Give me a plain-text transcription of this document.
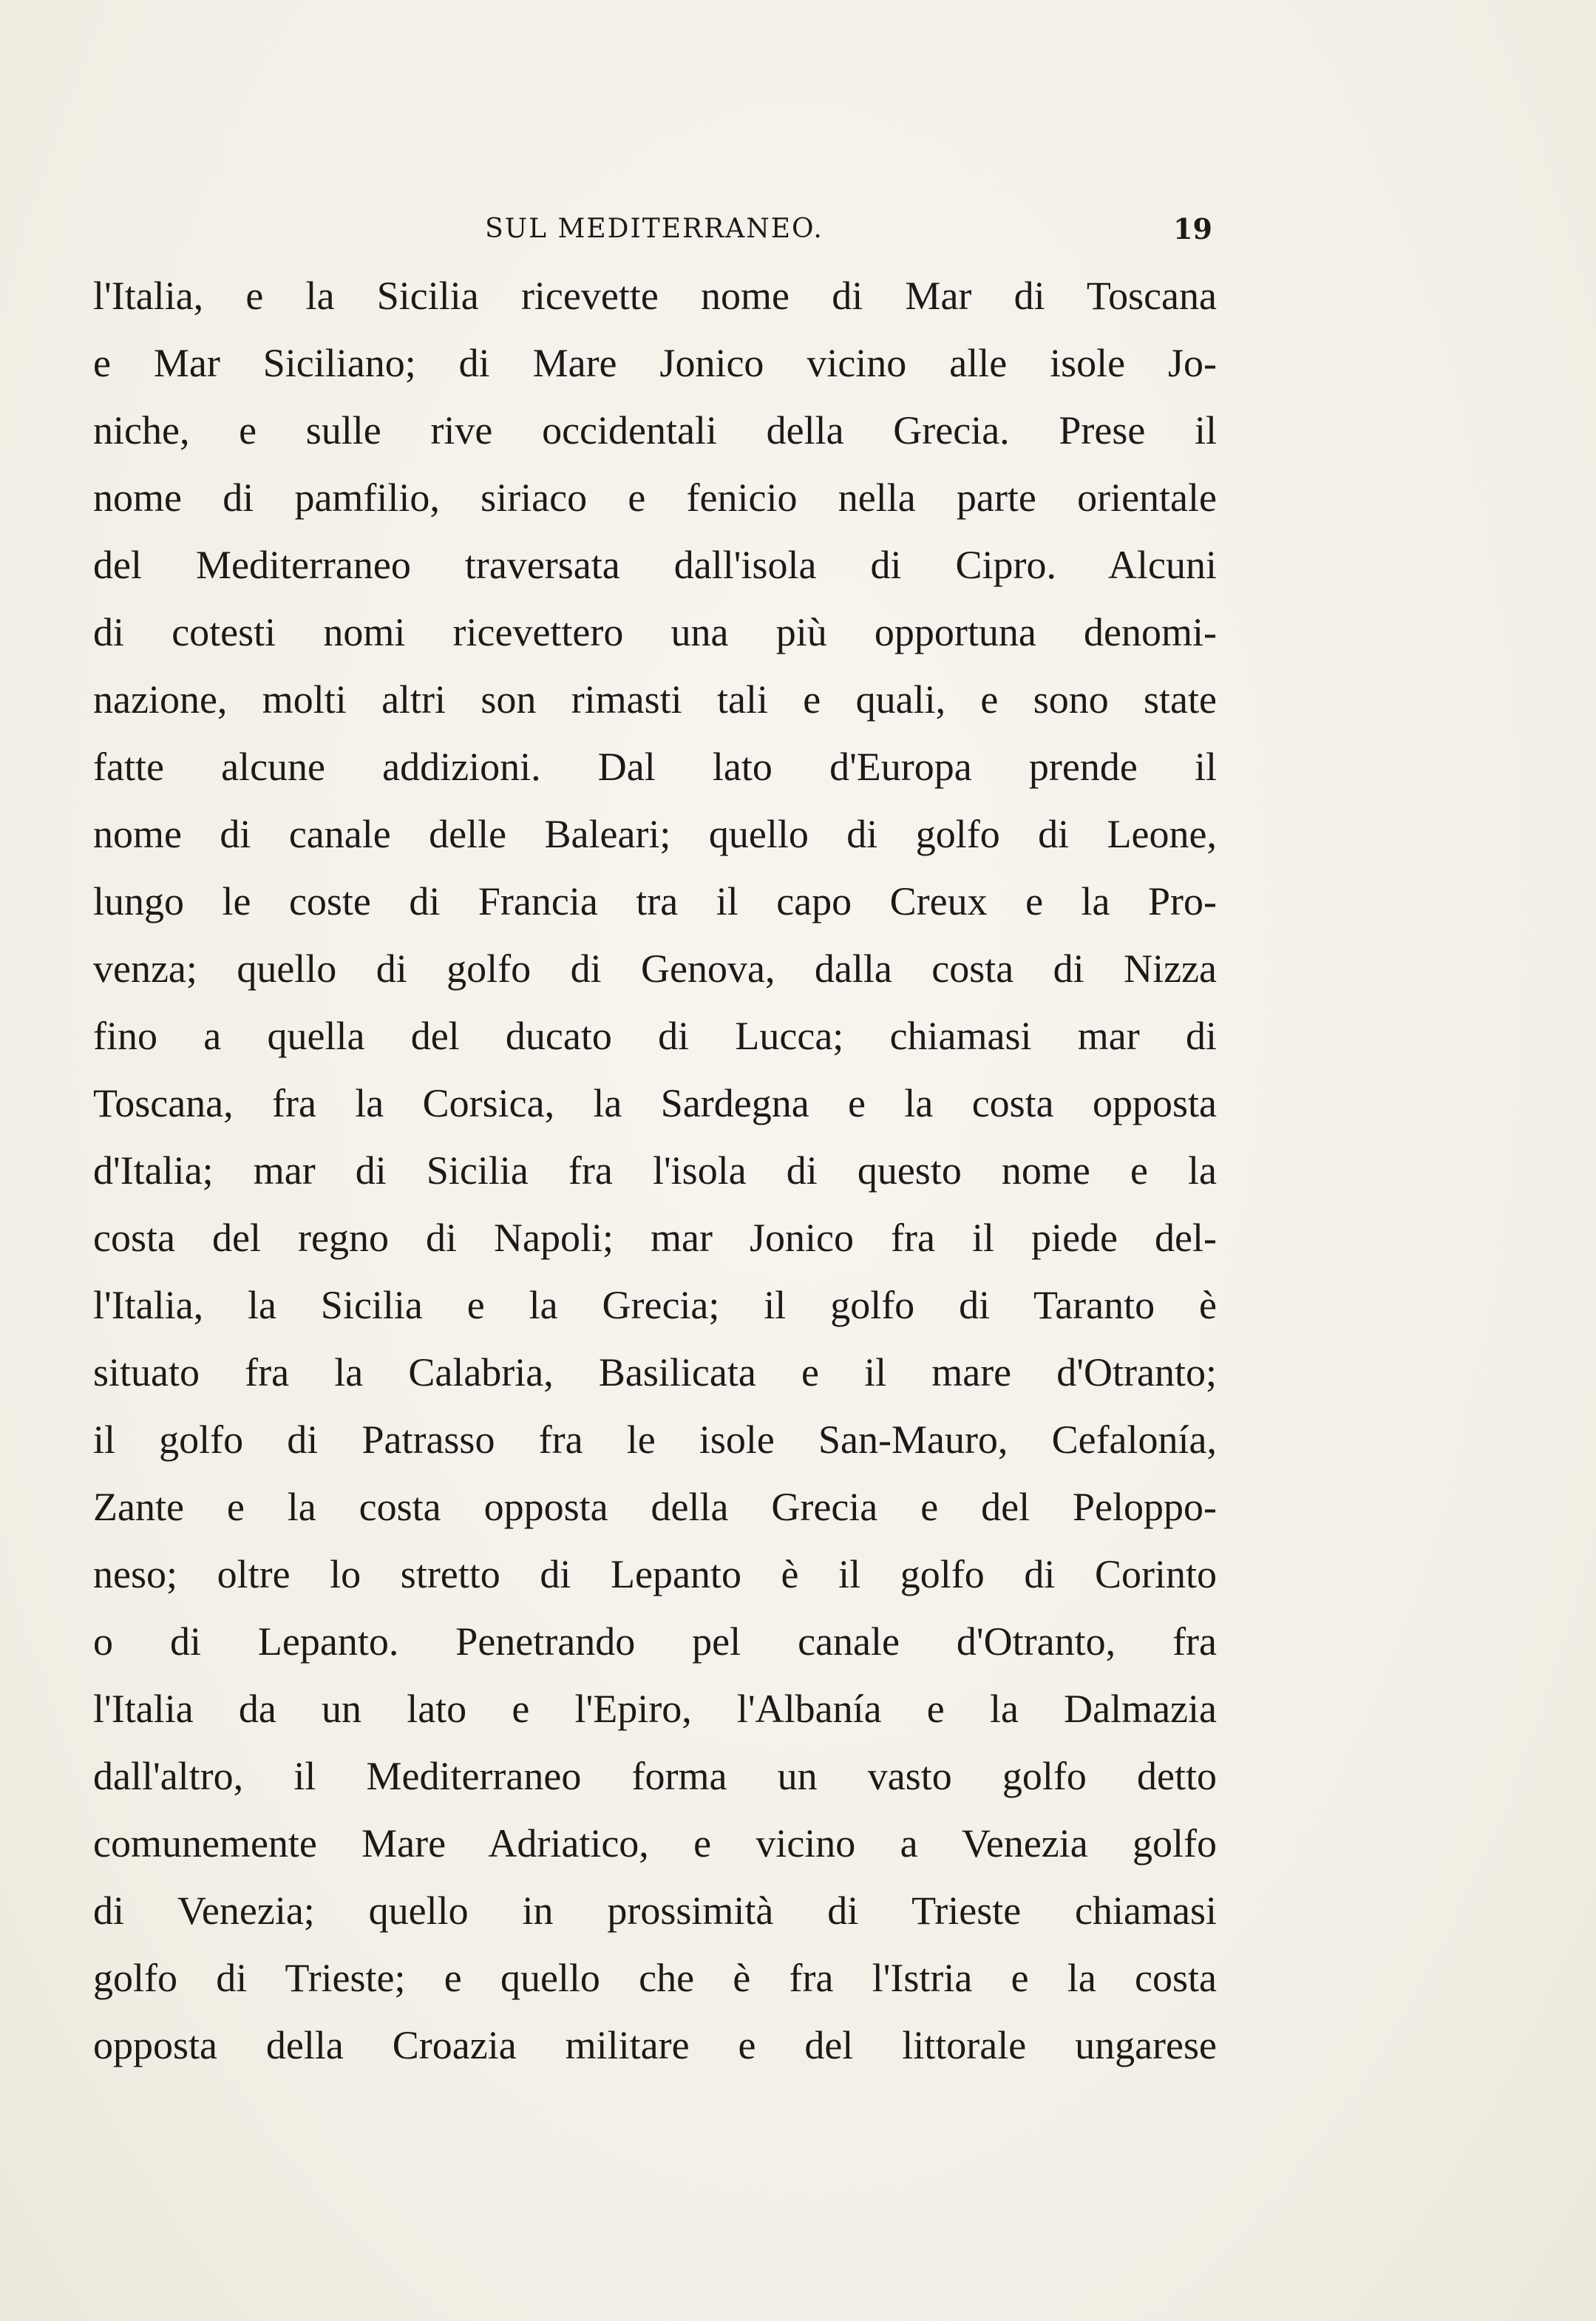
SUL MEDITERRANEO.	19
l'Italia, e la Sicilia ricevette nome di Mar di Toscana
e Mar Siciliano; di Mare Jonico vicino alle isole Jo-
niche, e sulle rive occidentali della Grecia. Prese il
nome di pamfilio, siriaco e fenicio nella parte orientale
del Mediterraneo traversata dall'isola di Cipro. Alcuni
di cotesti nomi ricevettero una più opportuna denomi-
nazione, molti altri son rimasti tali e quali, e sono state
fatte alcune addizioni. Dal lato d'Europa prende il
nome di canale delle Baleari; quello di golfo di Leone,
lungo le coste di Francia tra il capo Creux e la Pro-
venza; quello di golfo di Genova, dalla costa di Nizza
fino a quella del ducato di Lucca; chiamasi mar di
Toscana, fra la Corsica, la Sardegna e la costa opposta
d'Italia; mar di Sicilia fra l'isola di questo nome e la
costa del regno di Napoli; mar Jonico fra il piede del-
l'Italia, la Sicilia e la Grecia; il golfo di Taranto è
situato fra la Calabria, Basilicata e il mare d'Otranto;
il golfo di Patrasso fra le isole San-Mauro, Cefalonía,
Zante e la costa opposta della Grecia e del Peloppo-
neso; oltre lo stretto di Lepanto è il golfo di Corinto
o di Lepanto. Penetrando pel canale d'Otranto, fra
l'Italia da un lato e l'Epiro, l'Albanía e la Dalmazia
dall'altro, il Mediterraneo forma un vasto golfo detto
comunemente Mare Adriatico, e vicino a Venezia golfo
di Venezia; quello in prossimità di Trieste chiamasi
golfo di Trieste; e quello che è fra l'Istria e la costa
opposta della Croazia militare e del littorale ungarese
